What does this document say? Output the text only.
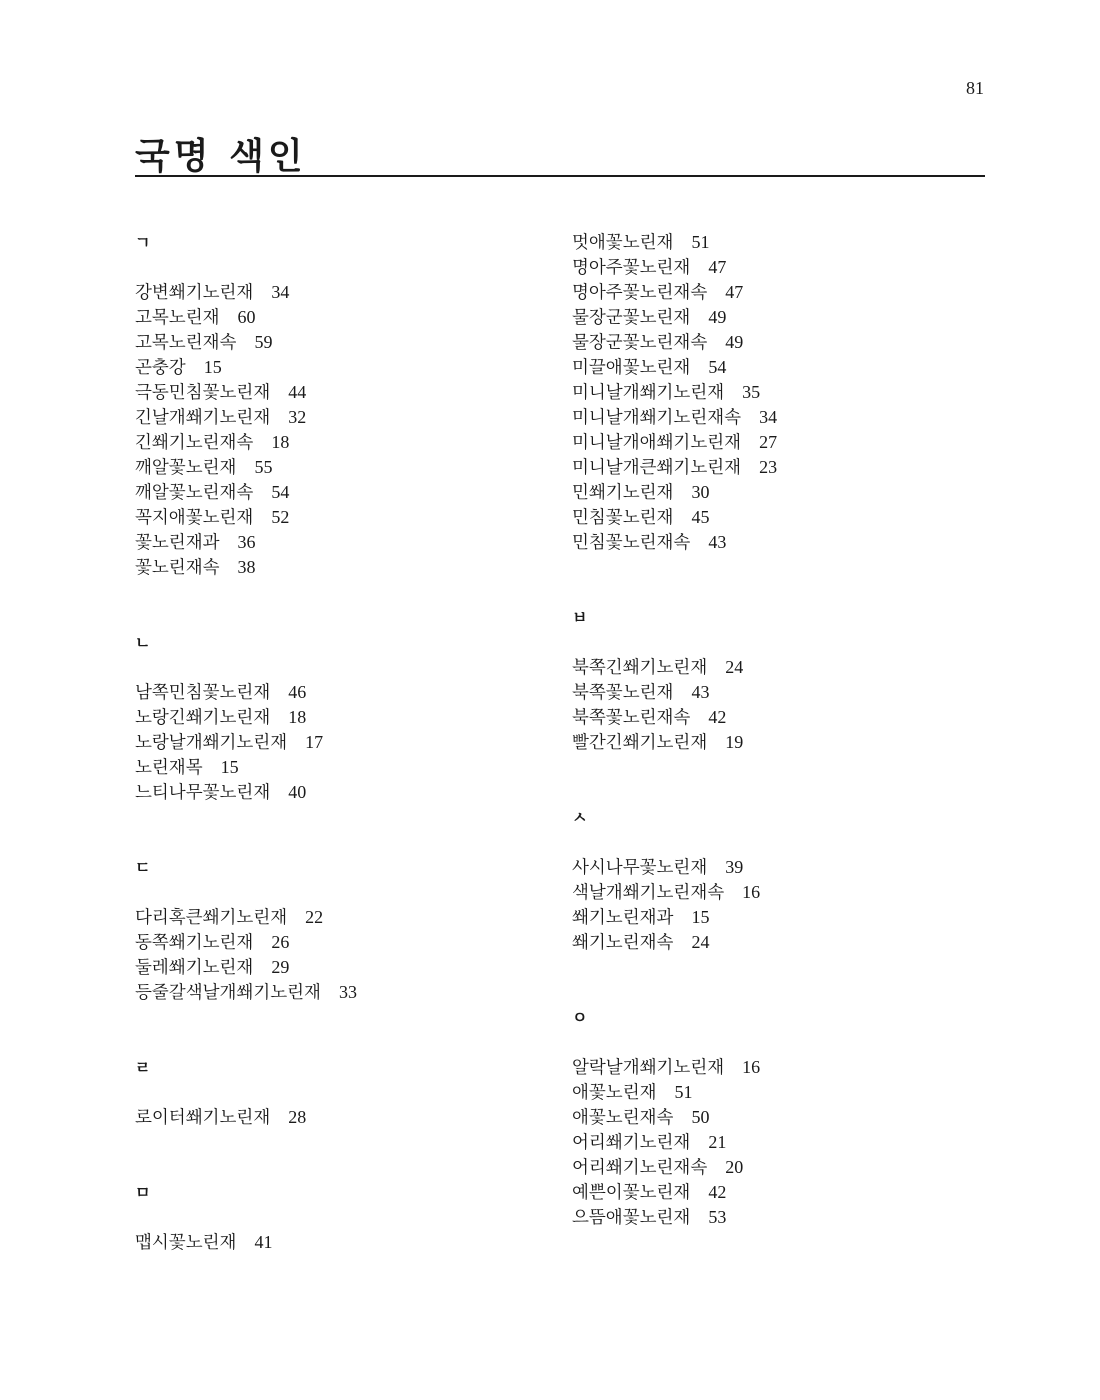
81
국명 색인
ㄱ
강변쐐기노린재 34
고목노린재 60
고목노린재속 59
곤충강 15
극동민침꽃노린재 44
긴날개쐐기노린재 32
긴쐐기노린재속 18
깨알꽃노린재 55
깨알꽃노린재속 54
꼭지애꽃노린재 52
꽃노린재과 36
꽃노린재속 38
ㄴ
남쪽민침꽃노린재 46
노랑긴쐐기노린재 18
노랑날개쐐기노린재 17
노린재목 15
느티나무꽃노린재 40
ㄷ
다리혹큰쐐기노린재 22
동쪽쐐기노린재 26
둘레쐐기노린재 29
등줄갈색날개쐐기노린재 33
ㄹ
로이터쐐기노린재 28
ㅁ
맵시꽃노린재 41
멋애꽃노린재 51
명아주꽃노린재 47
명아주꽃노린재속 47
물장군꽃노린재 49
물장군꽃노린재속 49
미끌애꽃노린재 54
미니날개쐐기노린재 35
미니날개쐐기노린재속 34
미니날개애쐐기노린재 27
미니날개큰쐐기노린재 23
민쐐기노린재 30
민침꽃노린재 45
민침꽃노린재속 43
ㅂ
북쪽긴쐐기노린재 24
북쪽꽃노린재 43
북쪽꽃노린재속 42
빨간긴쐐기노린재 19
ㅅ
사시나무꽃노린재 39
색날개쐐기노린재속 16
쐐기노린재과 15
쐐기노린재속 24
ㅇ
알락날개쐐기노린재 16
애꽃노린재 51
애꽃노린재속 50
어리쐐기노린재 21
어리쐐기노린재속 20
예쁜이꽃노린재 42
으뜸애꽃노린재 53
